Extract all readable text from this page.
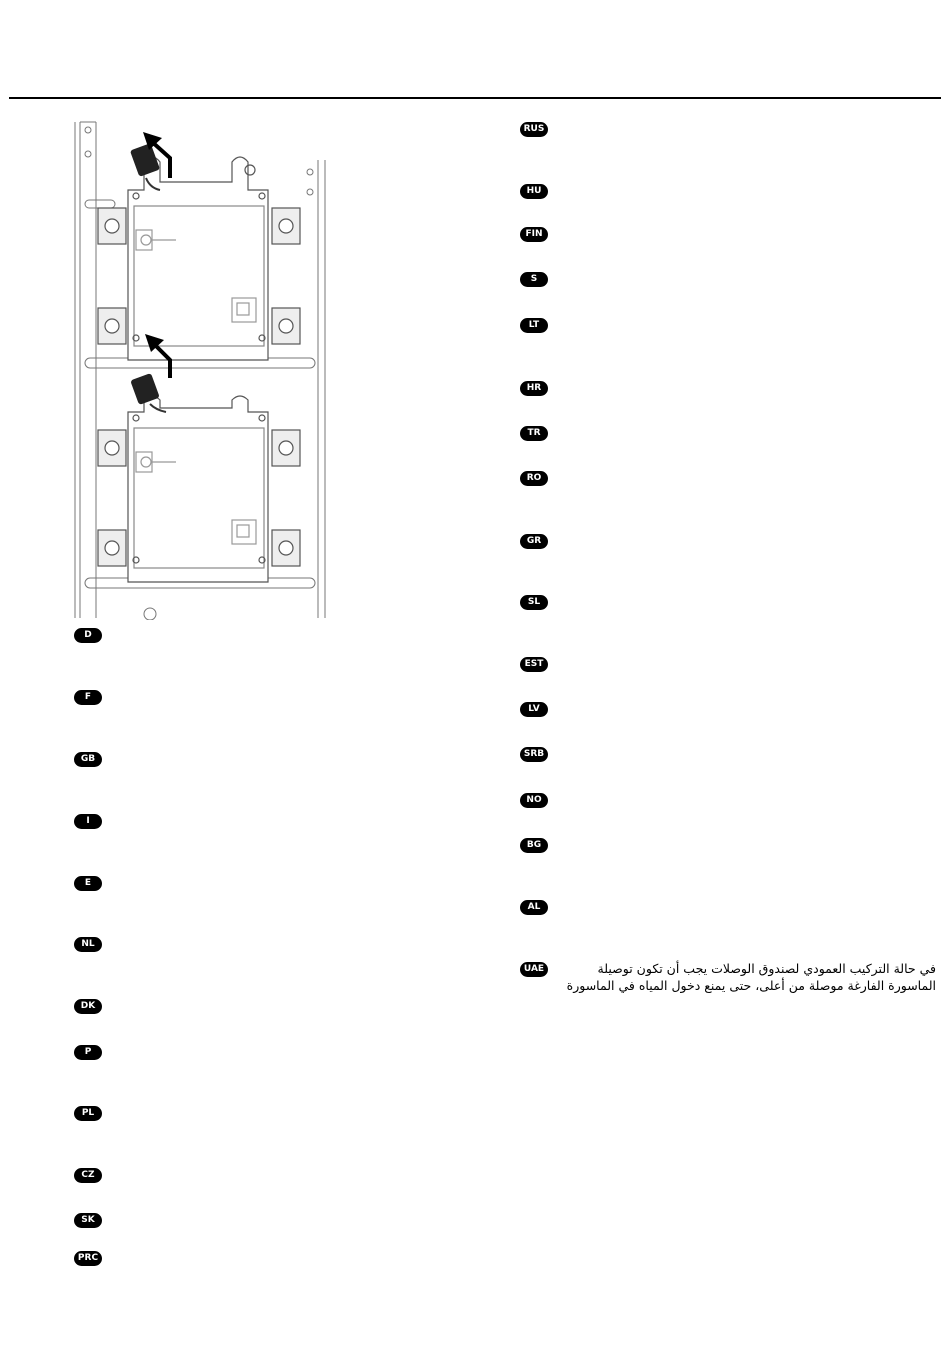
D
F
GB
I
E
NL
DK
P
PL
CZ
SK
PRC
RUS
HU
FIN
S
LT
HR
TR
RO
GR
SL
EST
LV
SRB
NO
BG
AL
UAE	في حالة التركيب العمودي لصندوق الوصلات يجب أن تكون توصيلة الماسورة الفارغة موصلة من أعلى، حتى يمنع دخول المياه في الماسورة
